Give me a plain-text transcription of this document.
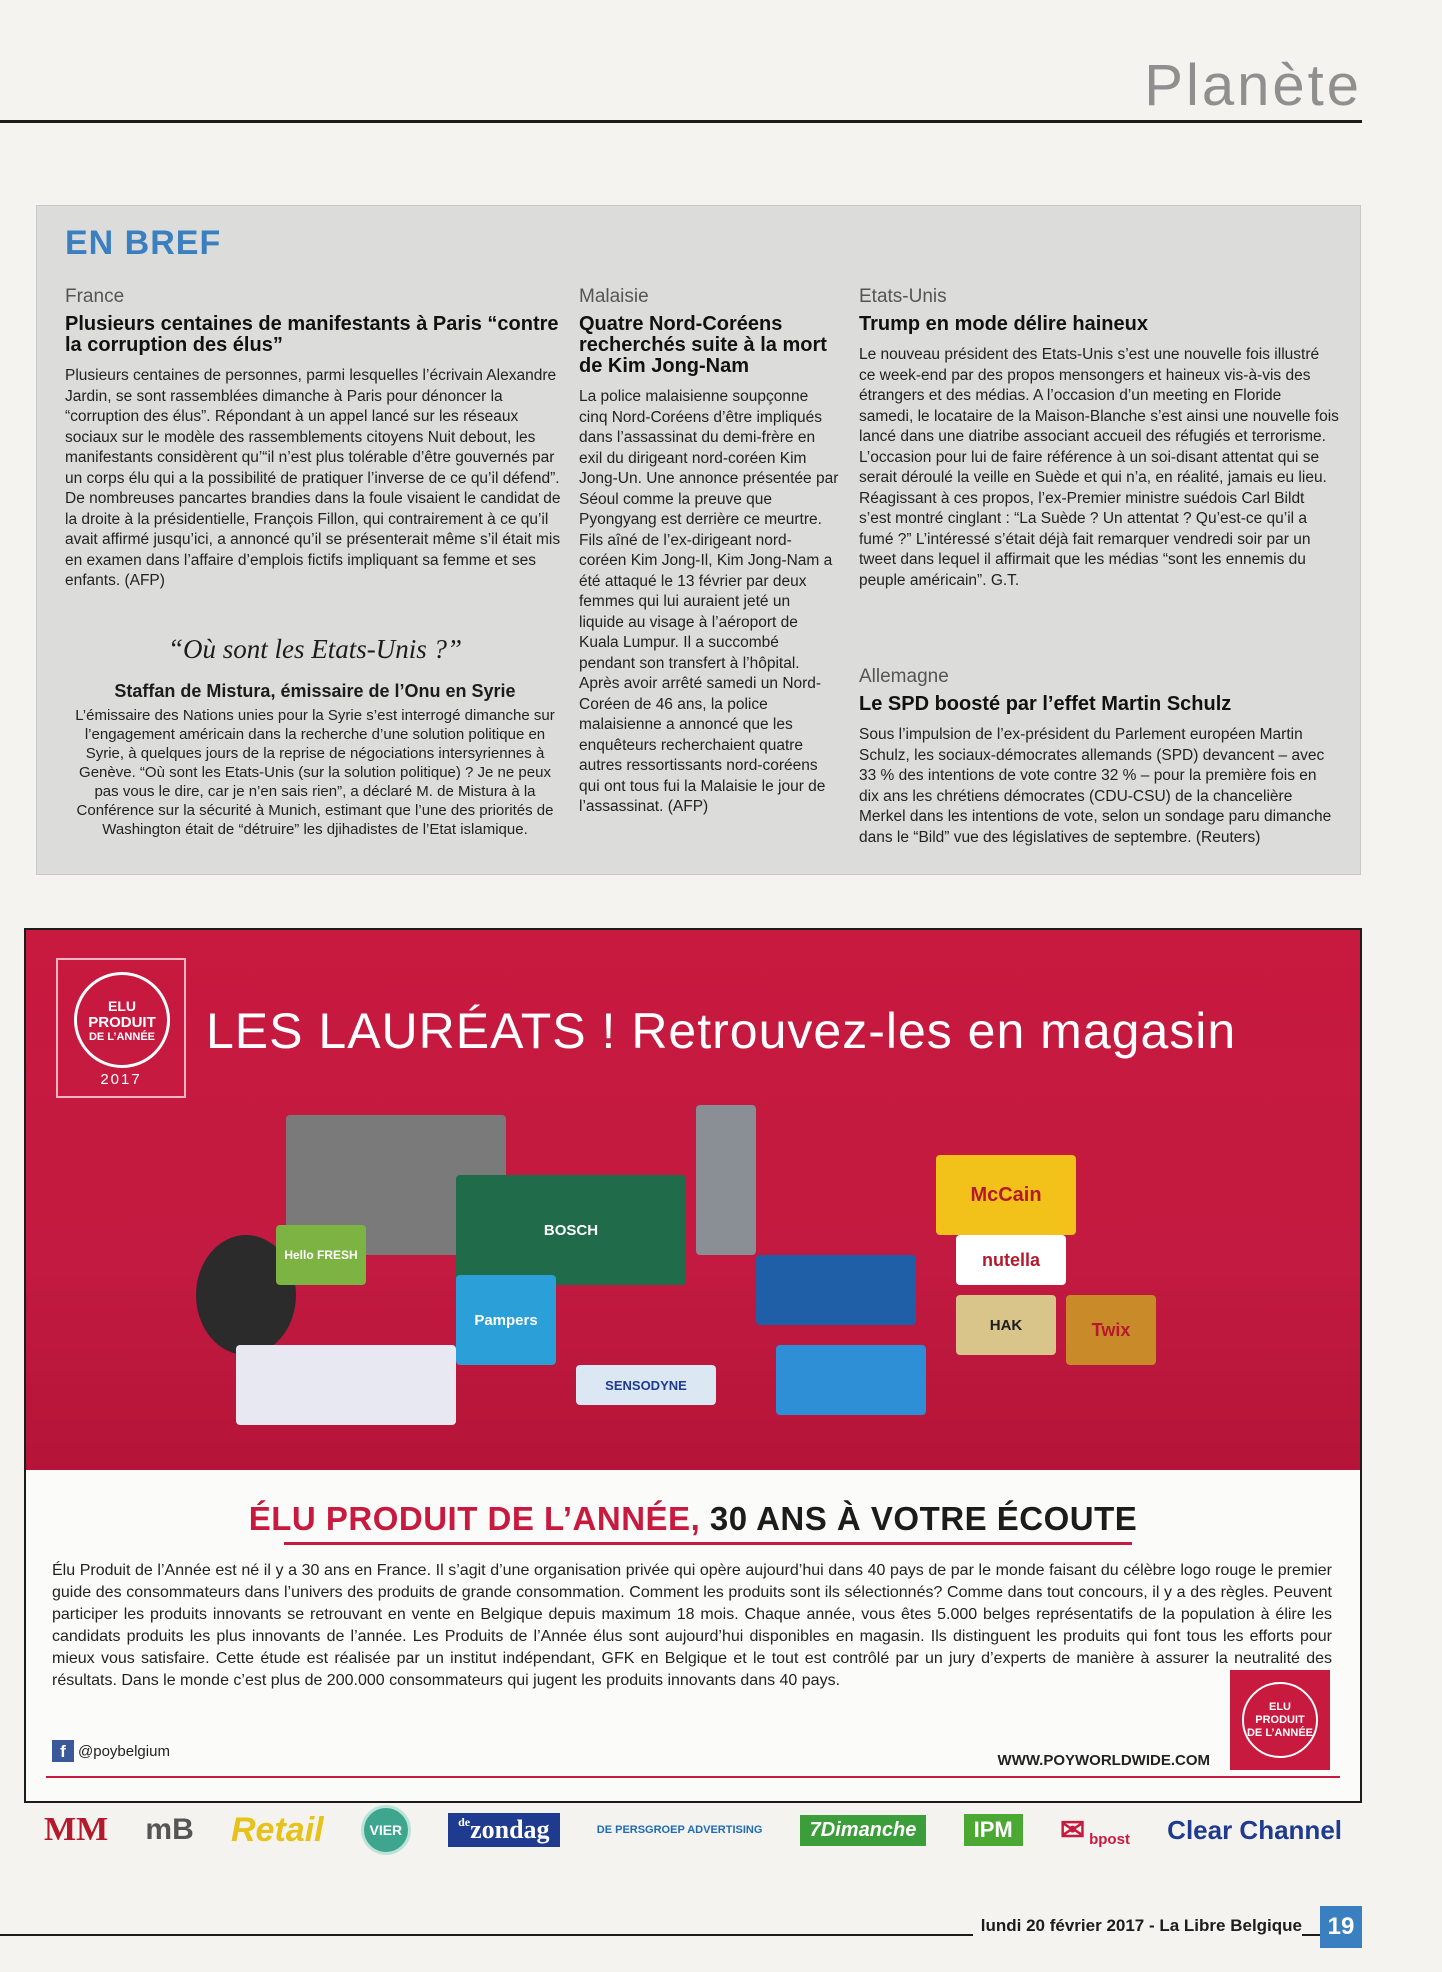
Planète
EN BREF
France
Plusieurs centaines de manifestants à Paris “contre la corruption des élus”
Plusieurs centaines de personnes, parmi lesquelles l’écrivain Alexandre Jardin, se sont rassemblées dimanche à Paris pour dénoncer la “corruption des élus”. Répondant à un appel lancé sur les réseaux sociaux sur le modèle des rassemblements citoyens Nuit debout, les manifestants considèrent qu’“il n’est plus tolérable d’être gouvernés par un corps élu qui a la possibilité de pratiquer l’inverse de ce qu’il défend”. De nombreuses pancartes brandies dans la foule visaient le candidat de la droite à la présidentielle, François Fillon, qui contrairement à ce qu’il avait affirmé jusqu’ici, a annoncé qu’il se présenterait même s’il était mis en examen dans l’affaire d’emplois fictifs impliquant sa femme et ses enfants. (AFP)
“Où sont les Etats-Unis ?”
Staffan de Mistura, émissaire de l’Onu en Syrie
L’émissaire des Nations unies pour la Syrie s’est interrogé dimanche sur l’engagement américain dans la recherche d’une solution politique en Syrie, à quelques jours de la reprise de négociations intersyriennes à Genève. “Où sont les Etats-Unis (sur la solution politique) ? Je ne peux pas vous le dire, car je n’en sais rien”, a déclaré M. de Mistura à la Conférence sur la sécurité à Munich, estimant que l’une des priorités de Washington était de “détruire” les djihadistes de l’Etat islamique.
Malaisie
Quatre Nord-Coréens recherchés suite à la mort de Kim Jong-Nam
La police malaisienne soupçonne cinq Nord-Coréens d’être impliqués dans l’assassinat du demi-frère en exil du dirigeant nord-coréen Kim Jong-Un. Une annonce présentée par Séoul comme la preuve que Pyongyang est derrière ce meurtre. Fils aîné de l’ex-dirigeant nord-coréen Kim Jong-Il, Kim Jong-Nam a été attaqué le 13 février par deux femmes qui lui auraient jeté un liquide au visage à l’aéroport de Kuala Lumpur. Il a succombé pendant son transfert à l’hôpital. Après avoir arrêté samedi un Nord-Coréen de 46 ans, la police malaisienne a annoncé que les enquêteurs recherchaient quatre autres ressortissants nord-coréens qui ont tous fui la Malaisie le jour de l’assassinat. (AFP)
Etats-Unis
Trump en mode délire haineux
Le nouveau président des Etats-Unis s’est une nouvelle fois illustré ce week-end par des propos mensongers et haineux vis-à-vis des étrangers et des médias. A l’occasion d’un meeting en Floride samedi, le locataire de la Maison-Blanche s’est ainsi une nouvelle fois lancé dans une diatribe associant accueil des réfugiés et terrorisme. L’occasion pour lui de faire référence à un soi-disant attentat qui se serait déroulé la veille en Suède et qui n’a, en réalité, jamais eu lieu. Réagissant à ces propos, l’ex-Premier ministre suédois Carl Bildt s’est montré cinglant : “La Suède ? Un attentat ? Qu’est-ce qu’il a fumé ?” L’intéressé s’était déjà fait remarquer vendredi soir par un tweet dans lequel il affirmait que les médias “sont les ennemis du peuple américain”. G.T.
Allemagne
Le SPD boosté par l’effet Martin Schulz
Sous l’impulsion de l’ex-président du Parlement européen Martin Schulz, les sociaux-démocrates allemands (SPD) devancent – avec 33 % des intentions de vote contre 32 % – pour la première fois en dix ans les chrétiens démocrates (CDU-CSU) de la chancelière Merkel dans les intentions de vote, selon un sondage paru dimanche dans le “Bild” vue des législatives de septembre. (Reuters)
ELU
PRODUIT
DE L’ANNÉE
2017
LES LAURÉATS ! Retrouvez-les en magasin
BOSCH
McCain
nutella
Twix
Hello FRESH
Pampers
SENSODYNE
HAK
ÉLU PRODUIT DE L’ANNÉE, 30 ANS À VOTRE ÉCOUTE
Élu Produit de l’Année est né il y a 30 ans en France. Il s’agit d’une organisation privée qui opère aujourd’hui dans 40 pays de par le monde faisant du célèbre logo rouge le premier guide des consommateurs dans l’univers des produits de grande consommation. Comment les produits sont ils sélectionnés? Comme dans tout concours, il y a des règles. Peuvent participer les produits innovants se retrouvant en vente en Belgique depuis maximum 18 mois. Chaque année, vous êtes 5.000 belges représentatifs de la population à élire les candidats produits les plus innovants de l’année. Les Produits de l’Année élus sont aujourd’hui disponibles en magasin. Ils distinguent les produits qui font tous les efforts pour mieux vous satisfaire. Cette étude est réalisée par un institut indépendant, GFK en Belgique et le tout est contrôlé par un jury d’experts de manière à assurer la neutralité des résultats. Dans le monde c’est plus de 200.000 consommateurs qui jugent les produits innovants dans 40 pays.
f @poybelgium
WWW.POYWORLDWIDE.COM
ELU
PRODUIT
DE L’ANNÉE
MM mB Retail	VIER	$^{de}$zondag	DE PERSGROEP ADVERTISING	7Dimanche	IPM	✉ bpost Clear Channel
lundi 20 février 2017 - La Libre Belgique	19
